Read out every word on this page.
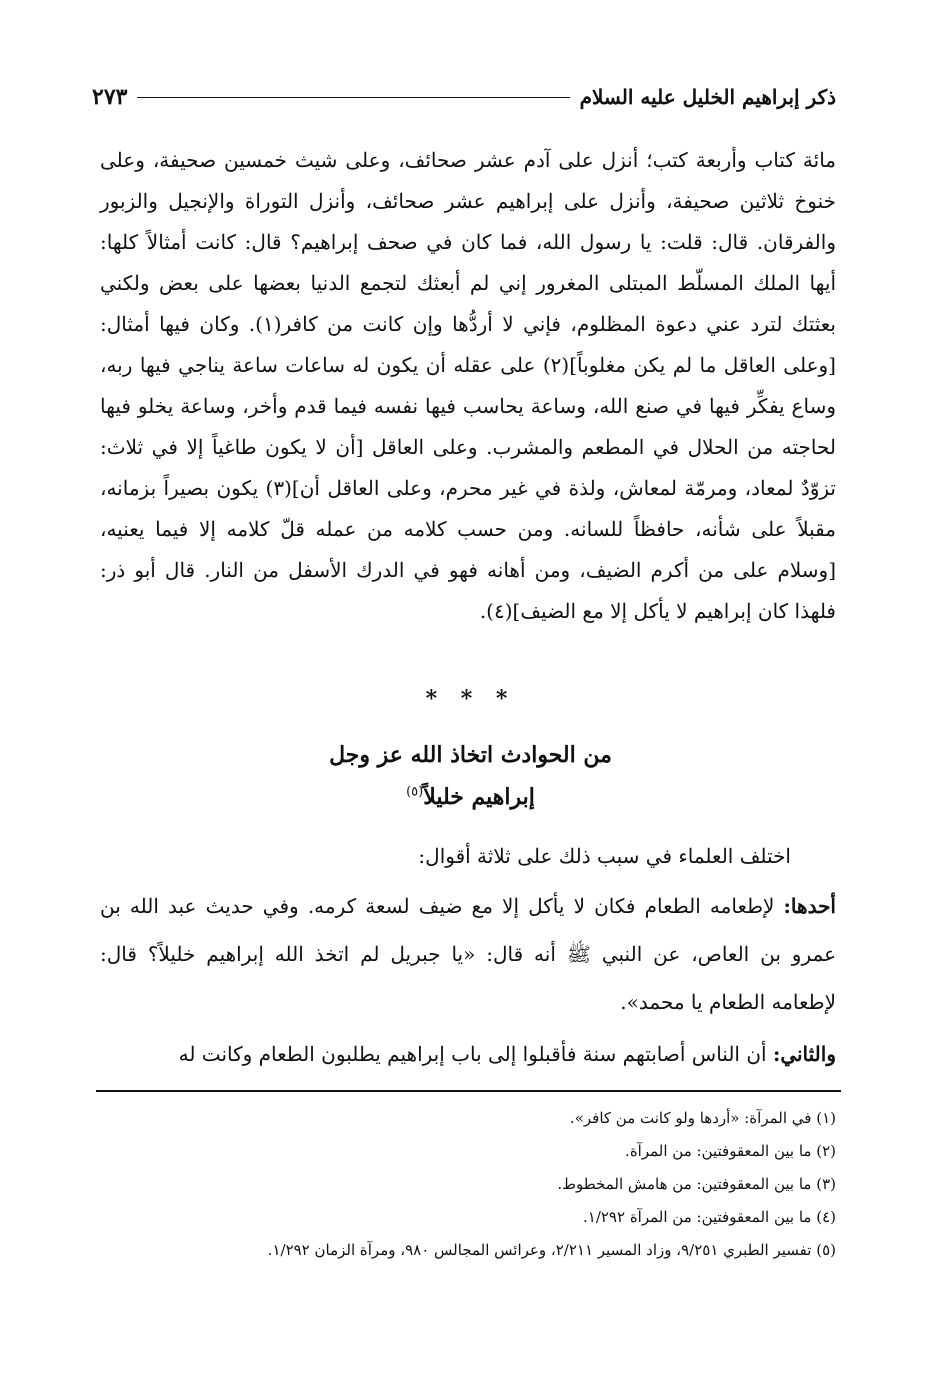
ذكر إبراهيم الخليل عليه السلام
٢٧٣

مائة كتاب وأربعة كتب؛ أنزل على آدم عشر صحائف، وعلى شيث خمسين صحيفة، وعلى خنوخ ثلاثين صحيفة، وأنزل على إبراهيم عشر صحائف، وأنزل التوراة والإنجيل والزبور والفرقان. قال: قلت: يا رسول الله، فما كان في صحف إبراهيم؟ قال: كانت أمثالاً كلها: أيها الملك المسلّط المبتلى المغرور إني لم أبعثك لتجمع الدنيا بعضها على بعض ولكني بعثتك لترد عني دعوة المظلوم، فإني لا أردُّها وإن كانت من كافر(١). وكان فيها أمثال: [وعلى العاقل ما لم يكن مغلوباً](٢) على عقله أن يكون له ساعات ساعة يناجي فيها ربه، وساع يفكِّر فيها في صنع الله، وساعة يحاسب فيها نفسه فيما قدم وأخر، وساعة يخلو فيها لحاجته من الحلال في المطعم والمشرب. وعلى العاقل [أن لا يكون طاغياً إلا في ثلاث: تزوّدٌ لمعاد، ومرمّة لمعاش، ولذة في غير محرم، وعلى العاقل أن](٣) يكون بصيراً بزمانه، مقبلاً على شأنه، حافظاً للسانه. ومن حسب كلامه من عمله قلّ كلامه إلا فيما يعنيه، [وسلام على من أكرم الضيف، ومن أهانه فهو في الدرك الأسفل من النار. قال أبو ذر: فلهذا كان إبراهيم لا يأكل إلا مع الضيف](٤).

* * *
من الحوادث اتخاذ الله عز وجل
إبراهيم خليلاً$^{(٥)}$
اختلف العلماء في سبب ذلك على ثلاثة أقوال:

أحدها: لإطعامه الطعام فكان لا يأكل إلا مع ضيف لسعة كرمه. وفي حديث عبد الله بن عمرو بن العاص، عن النبي ﷺ أنه قال: «يا جبريل لم اتخذ الله إبراهيم خليلاً؟ قال: لإطعامه الطعام يا محمد».

والثاني: أن الناس أصابتهم سنة فأقبلوا إلى باب إبراهيم يطلبون الطعام وكانت له

(١) في المرآة: «أردها ولو كانت من كافر».
(٢) ما بين المعقوفتين: من المرآة.
(٣) ما بين المعقوفتين: من هامش المخطوط.
(٤) ما بين المعقوفتين: من المرآة ١/٢٩٢.
(٥) تفسير الطبري ٩/٢٥١، وزاد المسير ٢/٢١١، وعرائس المجالس ٩٨٠، ومرآة الزمان ١/٢٩٢.
